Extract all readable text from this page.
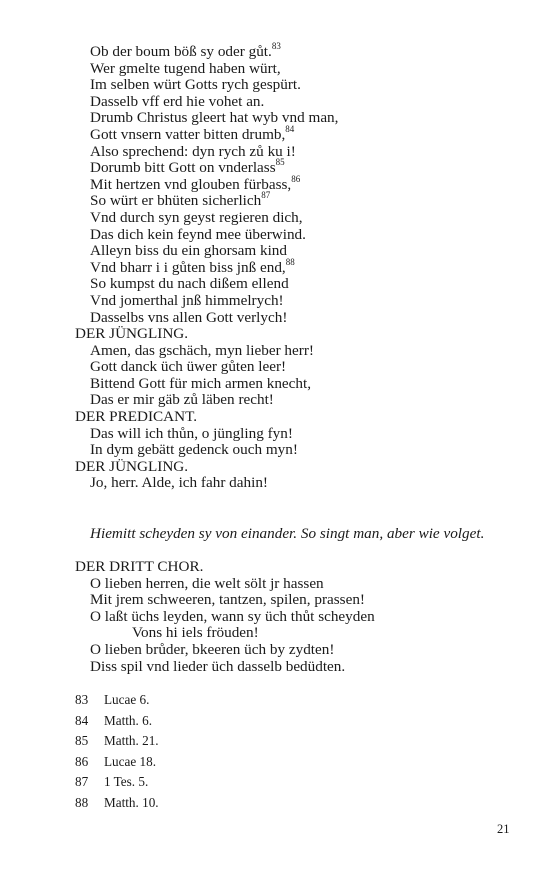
Ob der boum böß sy oder gůt.$^{83}$
Wer gmelte tugend haben würt,
Im selben würt Gotts rych gespürt.
Dasselb vff erd hie vohet an.
Drumb Christus gleert hat wyb vnd man,
Gott vnsern vatter bitten drumb,$^{84}$
Also sprechend: dyn rych zů ku i!
Dorumb bitt Gott on vnderlass$^{85}$
Mit hertzen vnd glouben fürbass,$^{86}$
So würt er bhüten sicherlich$^{87}$
Vnd durch syn geyst regieren dich,
Das dich kein feynd mee überwind.
Alleyn biss du ein ghorsam kind
Vnd bharr i i gůten biss jnß end,$^{88}$
So kumpst du nach dißem ellend
Vnd jomerthal jnß himmelrych!
Dasselbs vns allen Gott verlych!
DER JÜNGLING.
Amen, das gschäch, myn lieber herr!
Gott danck üch üwer gůten leer!
Bittend Gott für mich armen knecht,
Das er mir gäb zů läben recht!
DER PREDICANT.
Das will ich thůn, o jüngling fyn!
In dym gebätt gedenck ouch myn!
DER JÜNGLING.
Jo, herr. Alde, ich fahr dahin!
Hiemitt scheyden sy von einander. So singt man, aber wie volget.
DER DRITT CHOR.
O lieben herren, die welt sölt jr hassen
Mit jrem schweeren, tantzen, spilen, prassen!
O laßt üchs leyden, wann sy üch thůt scheyden
Vons hi iels fröuden!
O lieben brůder, bkeeren üch by zydten!
Diss spil vnd lieder üch dasselb bedüdten.
83 Lucae 6.
84 Matth. 6.
85 Matth. 21.
86 Lucae 18.
87 1 Tes. 5.
88 Matth. 10.
21
